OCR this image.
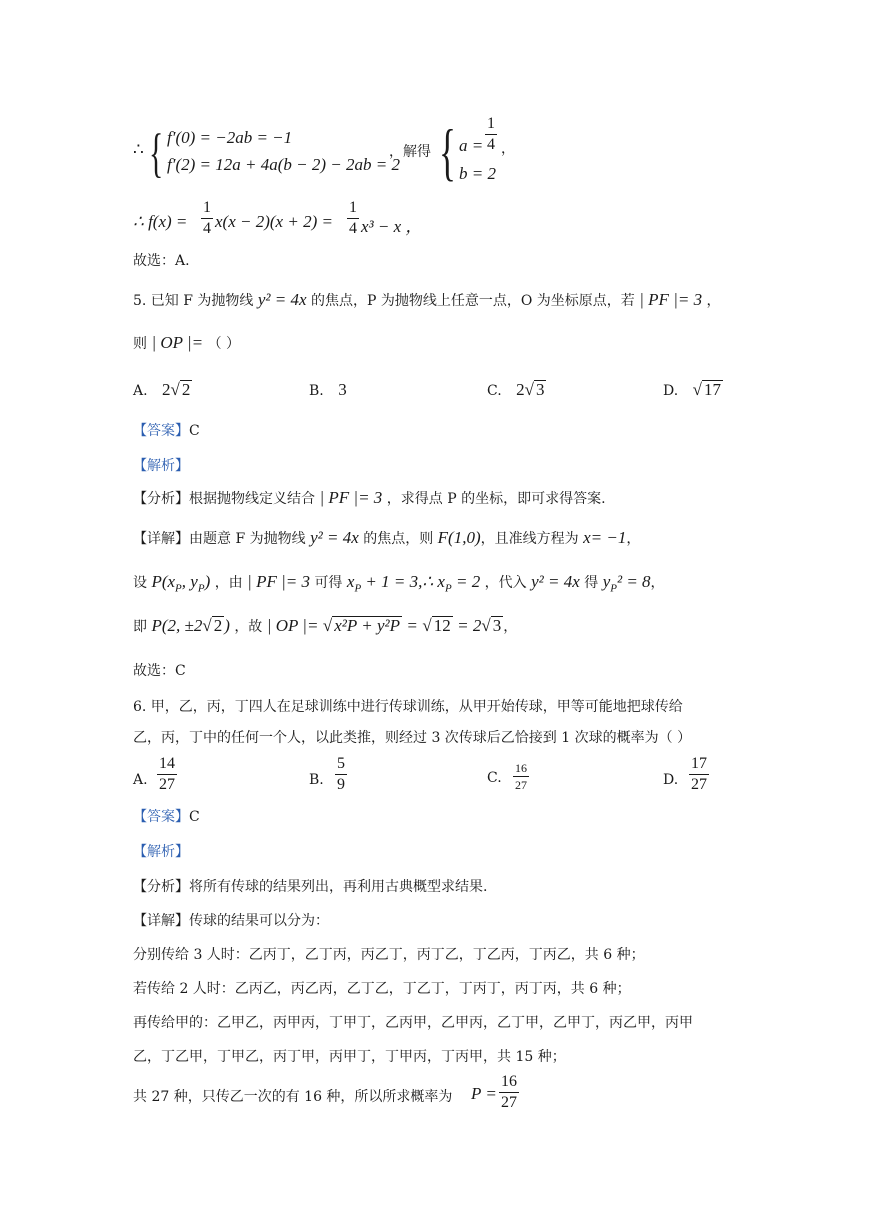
∴ { f′(0) = −2ab = −1
f′(2) = 12a + 4a(b − 2) − 2ab = 2
，解得 { $a = \frac{1}{4}$ ，
b = 2
∴ $f(x) = \frac{1}{4} x(x - 2)(x + 2) = \frac{1}{4} x^3 - x$ ，
故选：A.
5. 已知 F 为抛物线 y² = 4x 的焦点，P 为抛物线上任意一点，O 为坐标原点，若 | PF |= 3 ，
则 | OP |= （ ）
A. 2√ 2	B. 3	C. 2√ 3	D. √ 17
【答案】C
【解析】
【分析】根据抛物线定义结合 | PF |= 3 ，求得点 P 的坐标，即可求得答案.
【详解】由题意 F 为抛物线 y² = 4x 的焦点，则 F(1,0)，且准线方程为 x= −1，
设 $P(x_P$, $y_P$) ，由 | PF |= 3 可得 $x_P + 1$ = 3,∴ $x_P = 2$ ，代入 y² = 4x 得 $y_P^2 = 8$，
即 P(2, ±2√ 2 ) ，故 | OP |= √ x²P + y²P = √ 12 = 2√ 3 ，
故选：C
6. 甲，乙，丙，丁四人在足球训练中进行传球训练，从甲开始传球，甲等可能地把球传给
乙，丙，丁中的任何一个人，以此类推，则经过 3 次传球后乙恰接到 1 次球的概率为（ ）
A. $\frac{14}{27}$	B. $\frac{5}{9}$	C. $\frac{16}{27}$	D. $\frac{17}{27}$
【答案】C
【解析】
【分析】将所有传球的结果列出，再利用古典概型求结果.
【详解】传球的结果可以分为：
分别传给 3 人时：乙丙丁，乙丁丙，丙乙丁，丙丁乙，丁乙丙，丁丙乙，共 6 种；
若传给 2 人时：乙丙乙，丙乙丙，乙丁乙，丁乙丁，丁丙丁，丙丁丙，共 6 种；
再传给甲的：乙甲乙，丙甲丙，丁甲丁，乙丙甲，乙甲丙，乙丁甲，乙甲丁，丙乙甲，丙甲
乙，丁乙甲，丁甲乙，丙丁甲，丙甲丁，丁甲丙，丁丙甲，共 15 种；
共 27 种，只传乙一次的有 16 种，所以所求概率为 $P = \frac{16}{27}$
